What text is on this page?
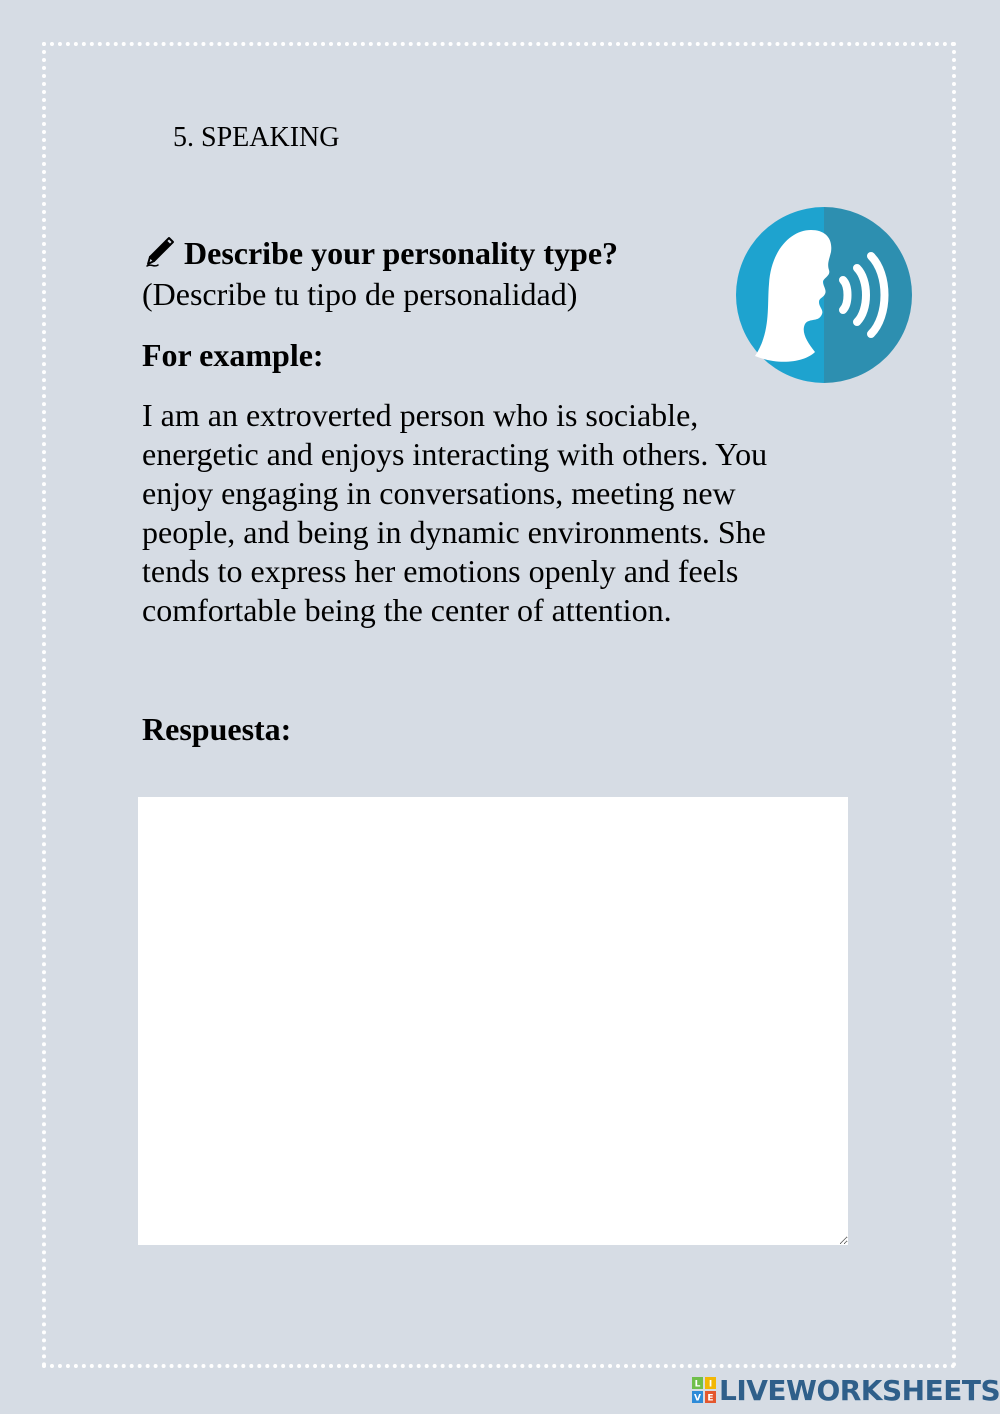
5. SPEAKING
Describe your personality type?
(Describe tu tipo de personalidad)
For example:
I am an extroverted person who is sociable, energetic and enjoys interacting with others. You enjoy engaging in conversations, meeting new people, and being in dynamic environments. She tends to express her emotions openly and feels comfortable being the center of attention.
Respuesta:
L I
V E LIVEWORKSHEETS
